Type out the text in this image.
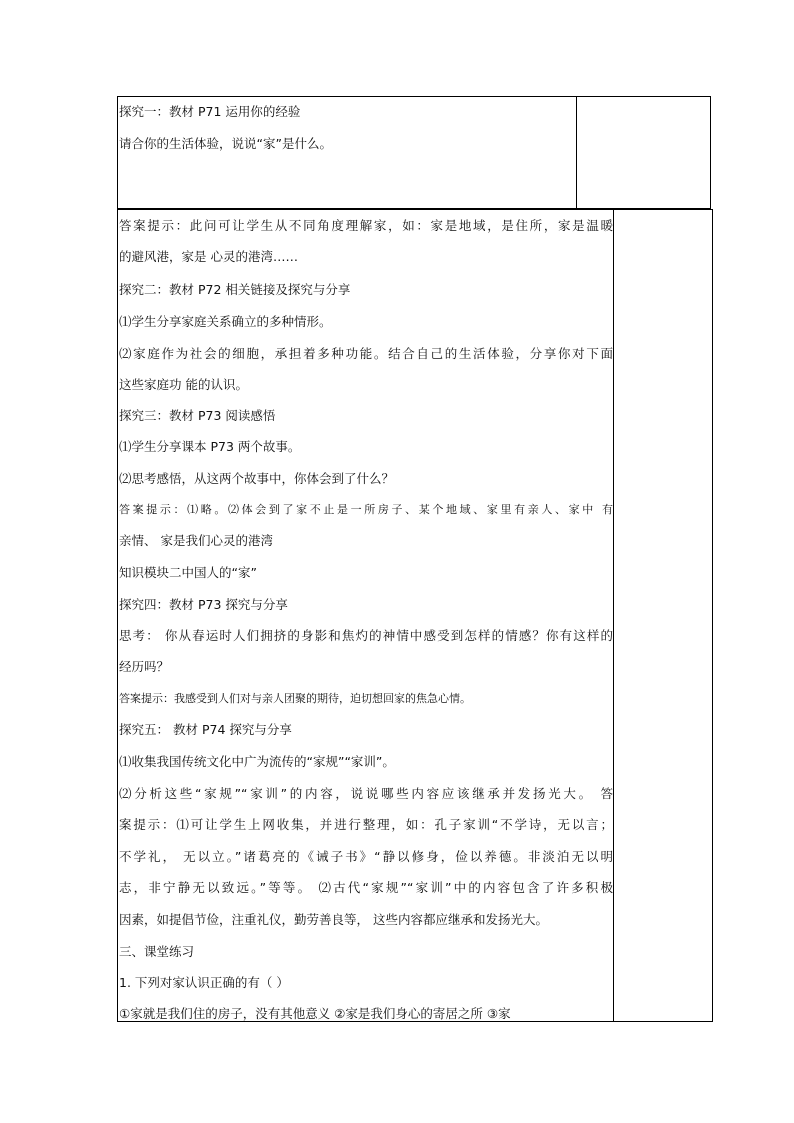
探究一：教材 P71 运用你的经验
请合你的生活体验，说说“家”是什么。
答案提示：此问可让学生从不同角度理解家，如：家是地域，是住所，家是温暖
的避风港，家是 心灵的港湾……
探究二：教材 P72 相关链接及探究与分享
⑴学生分享家庭关系确立的多种情形。
⑵家庭作为社会的细胞，承担着多种功能。结合自己的生活体验，分享你对下面
这些家庭功 能的认识。
探究三：教材 P73 阅读感悟
⑴学生分享课本 P73 两个故事。
⑵思考感悟，从这两个故事中，你体会到了什么？
答案提示：⑴略。⑵体会到了家不止是一所房子、某个地域、家里有亲人、家中 有
亲情、 家是我们心灵的港湾
知识模块二中国人的“家”
探究四：教材 P73 探究与分享
思考： 你从春运时人们拥挤的身影和焦灼的神情中感受到怎样的情感？你有这样的
经历吗？
答案提示：我感受到人们对与亲人团聚的期待，迫切想回家的焦急心情。
探究五： 教材 P74 探究与分享
⑴收集我国传统文化中广为流传的“家规”“家训”。
⑵分析这些“家规”“家训”的内容，说说哪些内容应该继承并发扬光大。 答
案提示：⑴可让学生上网收集，并进行整理，如：孔子家训“不学诗，无以言；
不学礼， 无以立。”诸葛亮的《诫子书》“静以修身，俭以养德。非淡泊无以明
志，非宁静无以致远。”等等。 ⑵古代“家规”“家训”中的内容包含了许多积极
因素，如提倡节俭，注重礼仪，勤劳善良等， 这些内容都应继承和发扬光大。
三、课堂练习
1. 下列对家认识正确的有（ ）
①家就是我们住的房子，没有其他意义 ②家是我们身心的寄居之所 ③家
